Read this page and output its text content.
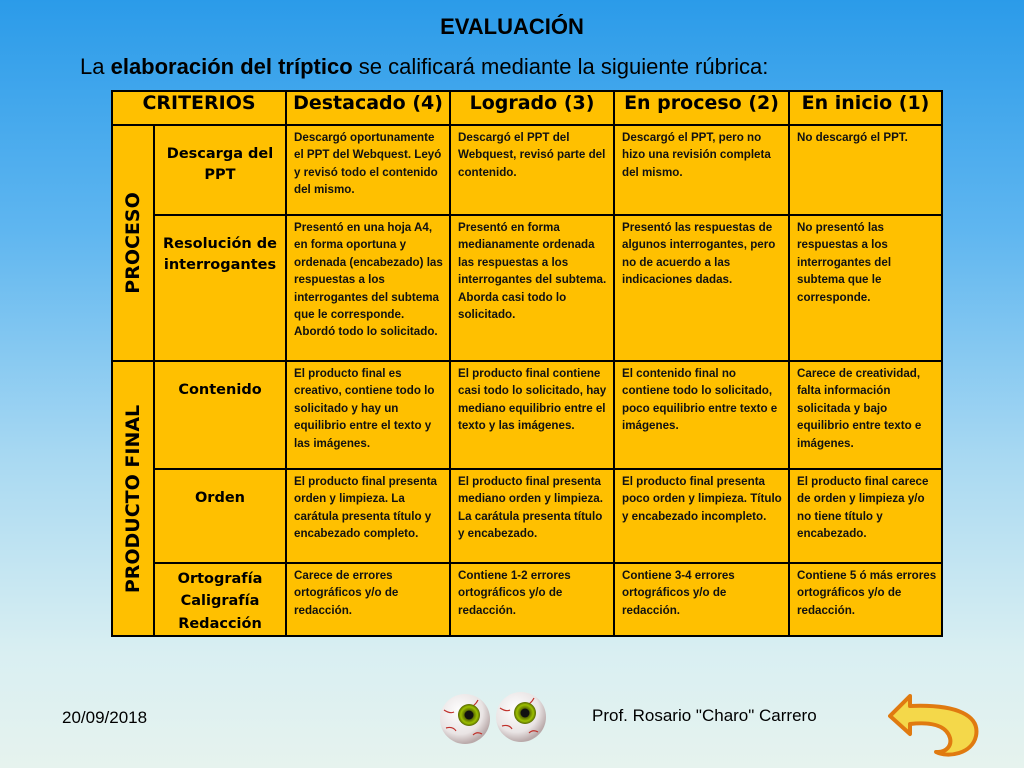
EVALUACIÓN
La elaboración del tríptico se calificará mediante la siguiente rúbrica:
CRITERIOS		Destacado (4)	Logrado (3)	En proceso (2)	En inicio (1)

PROCESO	Descarga del PPT	Descargó oportunamente el PPT del Webquest. Leyó y revisó todo el contenido del mismo.	Descargó el PPT del Webquest, revisó parte del contenido.	Descargó el PPT, pero no hizo una revisión completa del mismo.	No descargó el PPT.
	Resolución de interrogantes	Presentó en una hoja A4, en forma oportuna y ordenada (encabezado) las respuestas a los interrogantes del subtema que le corresponde. Abordó todo lo solicitado.	Presentó en forma medianamente ordenada las respuestas a los interrogantes del subtema. Aborda casi todo lo solicitado.	Presentó las respuestas de algunos interrogantes, pero no de acuerdo a las indicaciones dadas.	No presentó las respuestas a los interrogantes del subtema que le corresponde.

PRODUCTO FINAL	Contenido	El producto final es creativo, contiene todo lo solicitado y hay un equilibrio entre el texto y las imágenes.	El producto final contiene casi todo lo solicitado, hay mediano equilibrio entre el texto y las imágenes.	El contenido final no contiene todo lo solicitado, poco equilibrio entre texto e imágenes.	Carece de creatividad, falta información solicitada y bajo equilibrio entre texto e imágenes.
	Orden	El producto final presenta orden y limpieza. La carátula presenta título y encabezado completo.	El producto final presenta mediano orden y limpieza. La carátula presenta título y encabezado.	El producto final presenta poco orden y limpieza. Título y encabezado incompleto.	El producto final carece de orden y limpieza y/o no tiene título y encabezado.

	Ortografía
Caligrafía
Redacción	Carece de errores ortográficos y/o de redacción.	Contiene 1-2 errores ortográficos y/o de redacción.	Contiene 3-4 errores ortográficos y/o de redacción.	Contiene 5 ó más errores ortográficos y/o de redacción.
20/09/2018	Prof. Rosario "Charo" Carrero
